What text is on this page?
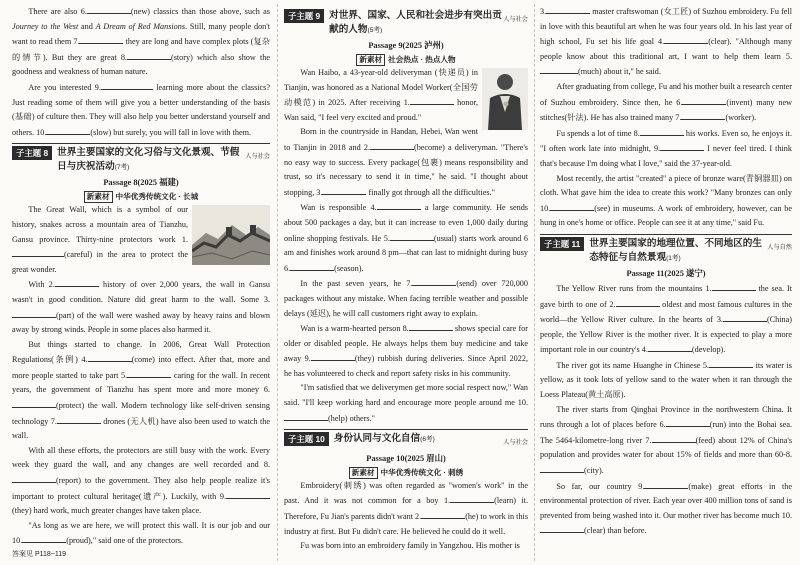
There are also 6.	(new) classics than those above, such as Journey to the West and A Dream of Red Mansions. Still, many people don't want to read them 7.	they are long and have complex plots (复杂的情节). But they are great 8.	(story) which also show the goodness and weakness of human nature.

Are you interested 9.	learning more about the classics? Just reading some of them will give you a better understanding of the basis (基础) of culture then. They will also help you better understand yourself and others. 10.	(slow) but surely, you will fall in love with them.

子主题 8 世界主要国家的文化习俗与文化景观、节假日与庆祝活动(7考)
人与社会
Passage 8(2025 福建)
新素材 中华优秀传统文化 · 长城

The Great Wall, which is a symbol of our history, snakes across a mountain area of Tianzhu, Gansu province. Thirty-nine protectors work 1.(careful) in the area to protect the great wonder.

With 2.	history of over 2,000 years, the wall in Gansu wasn't in good condition. Nature did great harm to the wall. Some 3.(part) of the wall were washed away by heavy rains and blown away by strong winds. People in some places also harmed it.

But things started to change. In 2006, Great Wall Protection Regulations(条例) 4.	(come) into effect. After that, more and more people started to take part 5.	caring for the wall. In recent years, the government of Tianzhu has spent more and more money 6.(protect) the wall. Modern technology like self-driven sensing technology 7.	drones (无人机) have also been used to watch the wall.

With all these efforts, the protectors are still busy with the work. Every week they guard the wall, and any changes are well recorded and 8.(report) to the government. They also help people realize it's important to protect cultural heritage(遗产). Luckily, with 9.(they) hard work, much greater changes have taken place.

"As long as we are here, we will protect this wall. It is our job and our 10.	(proud)," said one of the protectors.

答案见 P118~119
子主题 9 对世界、国家、人民和社会进步有突出贡献的人物(5考)
人与社会
Passage 9(2025 泸州)
新素材 社会热点 · 热点人物

Wan Haibo, a 43-year-old deliveryman (快递员) in Tianjin, was honored as a National Model Worker(全国劳动模范) in 2025. After receiving 1.	honor, Wan said, "I feel very excited and proud."

Born in the countryside in Handan, Hebei, Wan went to Tianjin in 2018 and 2.	(become) a deliveryman. "There's no easy way to success. Every package(包裹) means responsibility and trust, so it's necessary to send it in time," he said. "I thought about stopping, 3.	finally got through all the difficulties."

Wan is responsible 4.	a large community. He sends about 500 packages a day, but it can increase to even 1,000 daily during online shopping festivals. He 5.	(usual) starts work around 6 am and finishes work around 8 pm—that can last to midnight during busy 6.	(season).

In the past seven years, he 7.	(send) over 720,000 packages without any mistake. When facing terrible weather and possible delays (延迟), he will call customers right away to explain.

Wan is a warm-hearted person 8.	shows special care for older or disabled people. He always helps them buy medicine and take away 9.	(they) rubbish during deliveries. Since April 2022, he has volunteered to check and report safety risks in his community.

"I'm satisfied that we deliverymen get more social respect now," Wan said. "I'll keep working hard and encourage more people around me 10.(help) others."

子主题 10 身份认同与文化自信(6考)	人与社会
Passage 10(2025 眉山)
新素材 中华优秀传统文化 · 刺绣

Embroidery(刺绣) was often regarded as "women's work" in the past. And it was not common for a boy 1.	(learn) it. Therefore, Fu Jian's parents didn't want 2.	(he) to work in this industry at first. But Fu didn't care. He believed he could do it well.

Fu was born into an embroidery family in Yangzhou. His mother is

3.	master craftswoman (女工匠) of Suzhou embroidery. Fu fell in love with this beautiful art when he was four years old. In his last year of high school, Fu set his life goal 4.	(clear). "Although many people know about this traditional art, I want to help them learn 5.(much) about it," he said.

After graduating from college, Fu and his mother built a research center of Suzhou embroidery. Since then, he 6.	(invent) many new stitches(针法). He has also trained many 7.	(worker).

Fu spends a lot of time 8.	his works. Even so, he enjoys it. "I often work late into midnight, 9.	I never feel tired. I think that's because I'm doing what I love," said the 37-year-old.

Most recently, the artist "created" a piece of bronze ware(青铜器皿) on cloth. What gave him the idea to create this work? "Many bronzes can only 10.	(see) in museums. A work of embroidery, however, can be hung in one's home or office. People can see it at any time," said Fu.

子主题 11 世界主要国家的地理位置、不同地区的生态特征与自然景观(1考)
人与自然
Passage 11(2025 遂宁)

The Yellow River runs from the mountains 1.	the sea. It gave birth to one of 2.	oldest and most famous cultures in the world—the Yellow River culture. In the hearts of 3.	(China) people, the Yellow River is the mother river. It is expected to play a more important role in our country's 4.	(develop).

The river got its name Huanghe in Chinese 5.	its water is yellow, as it took lots of yellow sand to the water when it ran through the Loess Plateau(黄土高原).

The river starts from Qinghai Province in the northwestern China. It runs through a lot of places before 6.	(run) into the Bohai sea. The 5464-kilometre-long river 7.	(feed) about 12% of China's population and provides water for about 15% of fields and more than 60-8.(city).

So far, our country 9.	(make) great efforts in the environmental protection of river. Each year over 400 million tons of sand is prevented from being washed into it. Our mother river has become much 10.(clear) than before.
